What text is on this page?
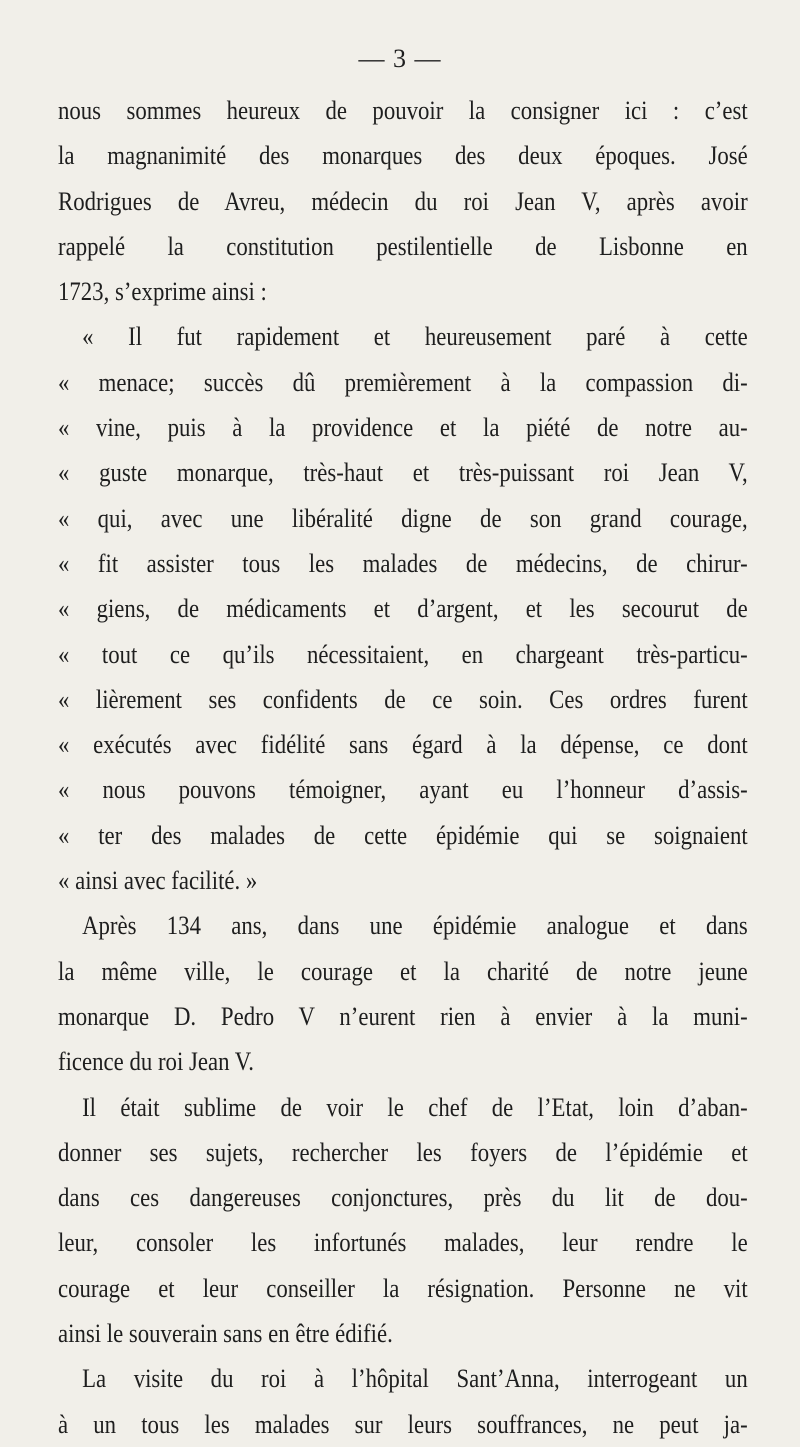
— 3 —
nous sommes heureux de pouvoir la consigner ici : c’est
la magnanimité des monarques des deux époques. José
Rodrigues de Avreu, médecin du roi Jean V, après avoir
rappelé la constitution pestilentielle de Lisbonne en
1723, s’exprime ainsi :
« Il fut rapidement et heureusement paré à cette
« menace; succès dû premièrement à la compassion di-
« vine, puis à la providence et la piété de notre au-
« guste monarque, très-haut et très-puissant roi Jean V,
« qui, avec une libéralité digne de son grand courage,
« fit assister tous les malades de médecins, de chirur-
« giens, de médicaments et d’argent, et les secourut de
« tout ce qu’ils nécessitaient, en chargeant très-particu-
« lièrement ses confidents de ce soin. Ces ordres furent
« exécutés avec fidélité sans égard à la dépense, ce dont
« nous pouvons témoigner, ayant eu l’honneur d’assis-
« ter des malades de cette épidémie qui se soignaient
« ainsi avec facilité. »
Après 134 ans, dans une épidémie analogue et dans
la même ville, le courage et la charité de notre jeune
monarque D. Pedro V n’eurent rien à envier à la muni-
ficence du roi Jean V.
Il était sublime de voir le chef de l’Etat, loin d’aban-
donner ses sujets, rechercher les foyers de l’épidémie et
dans ces dangereuses conjonctures, près du lit de dou-
leur, consoler les infortunés malades, leur rendre le
courage et leur conseiller la résignation. Personne ne vit
ainsi le souverain sans en être édifié.
La visite du roi à l’hôpital Sant’Anna, interrogeant un
à un tous les malades sur leurs souffrances, ne peut ja-
